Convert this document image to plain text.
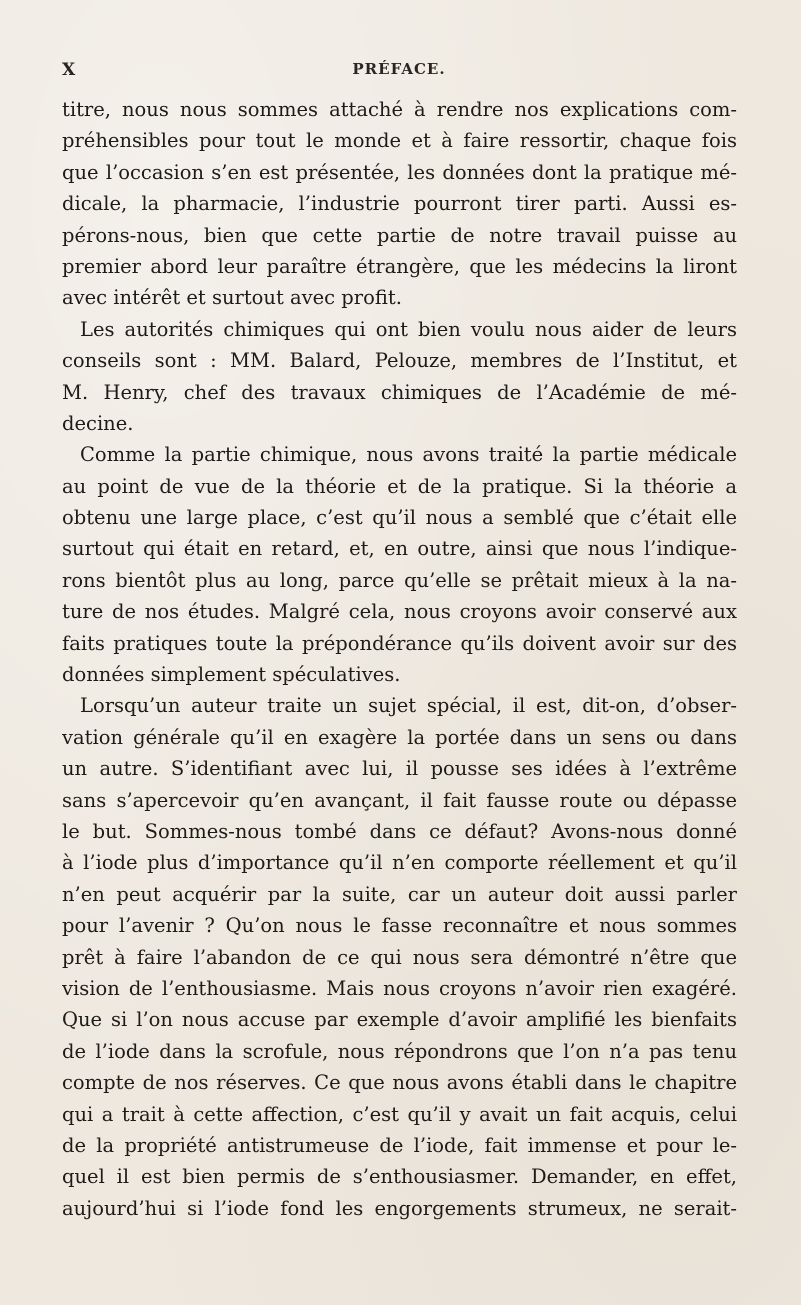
X	PRÉFACE.
titre, nous nous sommes attaché à rendre nos explications com-
préhensibles pour tout le monde et à faire ressortir, chaque fois
que l’occasion s’en est présentée, les données dont la pratique mé-
dicale, la pharmacie, l’industrie pourront tirer parti. Aussi es-
pérons-nous, bien que cette partie de notre travail puisse au
premier abord leur paraître étrangère, que les médecins la liront
avec intérêt et surtout avec profit.
Les autorités chimiques qui ont bien voulu nous aider de leurs
conseils sont : MM. Balard, Pelouze, membres de l’Institut, et
M. Henry, chef des travaux chimiques de l’Académie de mé-
decine.
Comme la partie chimique, nous avons traité la partie médicale
au point de vue de la théorie et de la pratique. Si la théorie a
obtenu une large place, c’est qu’il nous a semblé que c’était elle
surtout qui était en retard, et, en outre, ainsi que nous l’indique-
rons bientôt plus au long, parce qu’elle se prêtait mieux à la na-
ture de nos études. Malgré cela, nous croyons avoir conservé aux
faits pratiques toute la prépondérance qu’ils doivent avoir sur des
données simplement spéculatives.
Lorsqu’un auteur traite un sujet spécial, il est, dit-on, d’obser-
vation générale qu’il en exagère la portée dans un sens ou dans
un autre. S’identifiant avec lui, il pousse ses idées à l’extrême
sans s’apercevoir qu’en avançant, il fait fausse route ou dépasse
le but. Sommes-nous tombé dans ce défaut? Avons-nous donné
à l’iode plus d’importance qu’il n’en comporte réellement et qu’il
n’en peut acquérir par la suite, car un auteur doit aussi parler
pour l’avenir ? Qu’on nous le fasse reconnaître et nous sommes
prêt à faire l’abandon de ce qui nous sera démontré n’être que
vision de l’enthousiasme. Mais nous croyons n’avoir rien exagéré.
Que si l’on nous accuse par exemple d’avoir amplifié les bienfaits
de l’iode dans la scrofule, nous répondrons que l’on n’a pas tenu
compte de nos réserves. Ce que nous avons établi dans le chapitre
qui a trait à cette affection, c’est qu’il y avait un fait acquis, celui
de la propriété antistrumeuse de l’iode, fait immense et pour le-
quel il est bien permis de s’enthousiasmer. Demander, en effet,
aujourd’hui si l’iode fond les engorgements strumeux, ne serait-
